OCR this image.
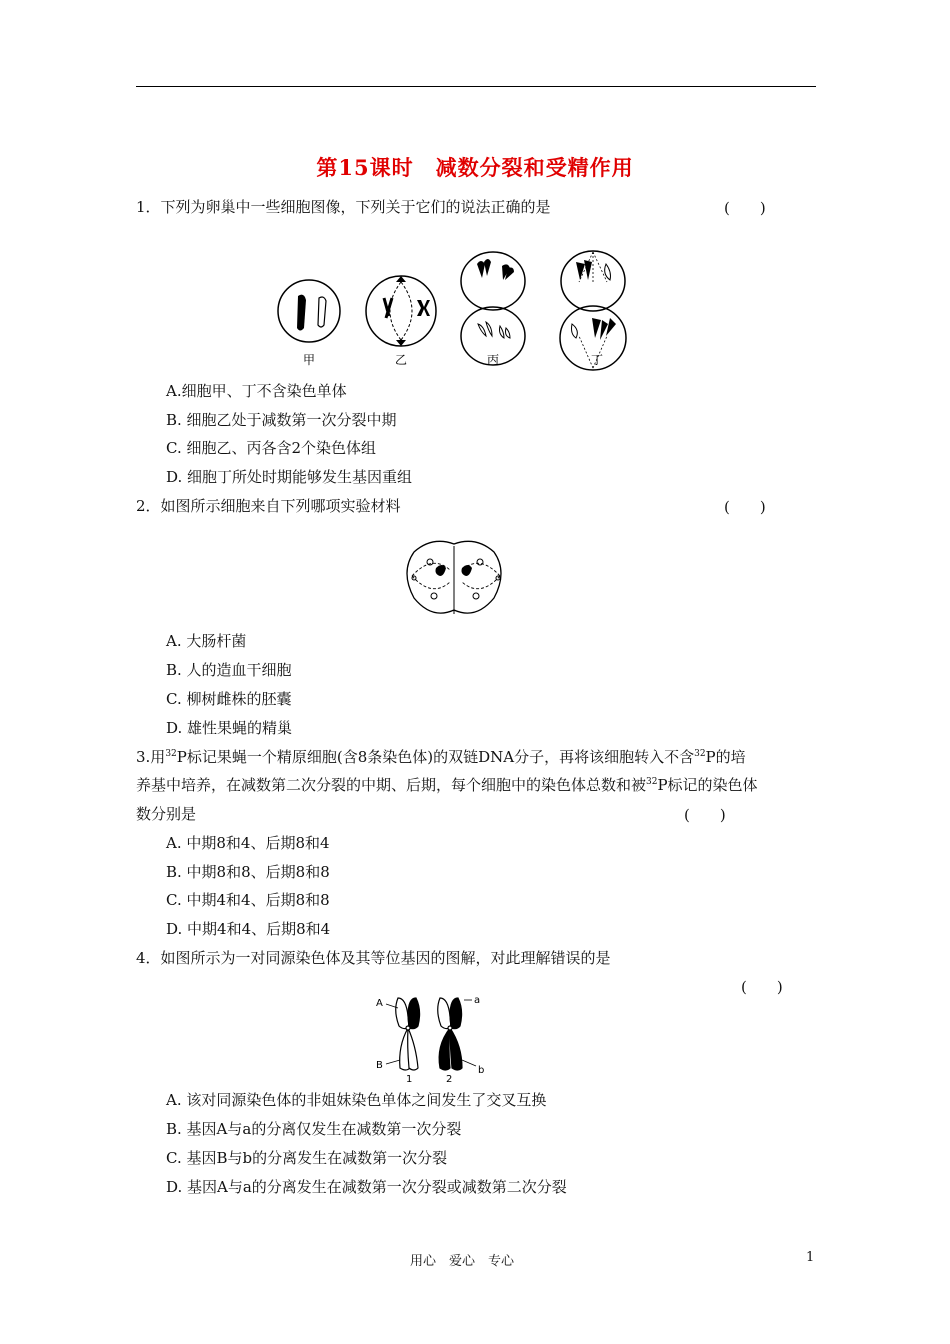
第15课时　减数分裂和受精作用
1．下列为卵巢中一些细胞图像，下列关于它们的说法正确的是	(　　)
甲	乙	丙	丁
A.细胞甲、丁不含染色单体
B. 细胞乙处于减数第一次分裂中期
C. 细胞乙、丙各含2个染色体组
D. 细胞丁所处时期能够发生基因重组
2．如图所示细胞来自下列哪项实验材料	(　　)
A. 大肠杆菌
B. 人的造血干细胞
C. 柳树雌株的胚囊
D. 雄性果蝇的精巢
3.用$^{32}$P标记果蝇一个精原细胞(含8条染色体)的双链DNA分子，再将该细胞转入不含$^{32}$P的培
养基中培养，在减数第二次分裂的中期、后期，每个细胞中的染色体总数和被$^{32}$P标记的染色体
数分别是	(　　)
A. 中期8和4、后期8和4
B. 中期8和8、后期8和8
C. 中期4和4、后期8和8
D. 中期4和4、后期8和4
4．如图所示为一对同源染色体及其等位基因的图解，对此理解错误的是
(　　)
A
B
a
b
1	2
A. 该对同源染色体的非姐妹染色单体之间发生了交叉互换
B. 基因A与a的分离仅发生在减数第一次分裂
C. 基因B与b的分离发生在减数第一次分裂
D. 基因A与a的分离发生在减数第一次分裂或减数第二次分裂
用心　爱心　专心	1
